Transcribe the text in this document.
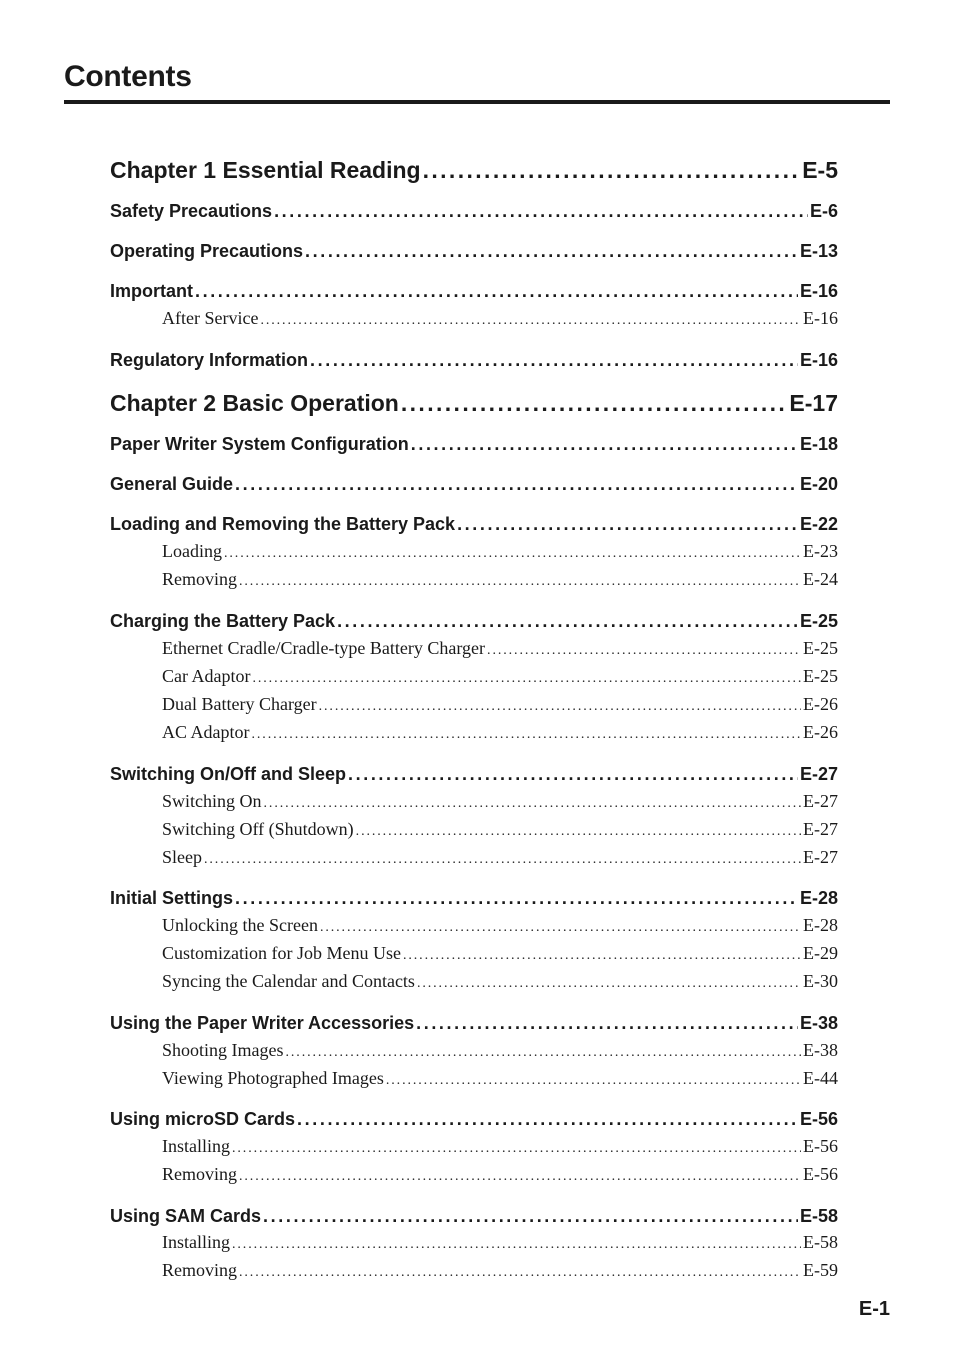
Contents
Chapter 1 Essential Reading . . .	E-5
Safety Precautions . . .	E-6
Operating Precautions . . .	E-13
Important . . .	E-16
After Service . . .	E-16
Regulatory Information . . .	E-16
Chapter 2 Basic Operation . . .	E-17
Paper Writer System Configuration . . .	E-18
General Guide . . .	E-20
Loading and Removing the Battery Pack . . .	E-22
Loading . . .	E-23
Removing . . .	E-24
Charging the Battery Pack . . .	E-25
Ethernet Cradle/Cradle-type Battery Charger . . .	E-25
Car Adaptor . . .	E-25
Dual Battery Charger . . .	E-26
AC Adaptor . . .	E-26
Switching On/Off and Sleep . . .	E-27
Switching On . . .	E-27
Switching Off (Shutdown) . . .	E-27
Sleep . . .	E-27
Initial Settings . . .	E-28
Unlocking the Screen . . .	E-28
Customization for Job Menu Use . . .	E-29
Syncing the Calendar and Contacts . . .	E-30
Using the Paper Writer Accessories . . .	E-38
Shooting Images . . .	E-38
Viewing Photographed Images . . .	E-44
Using microSD Cards . . .	E-56
Installing . . .	E-56
Removing . . .	E-56
Using SAM Cards . . .	E-58
Installing . . .	E-58
Removing . . .	E-59
E-1
